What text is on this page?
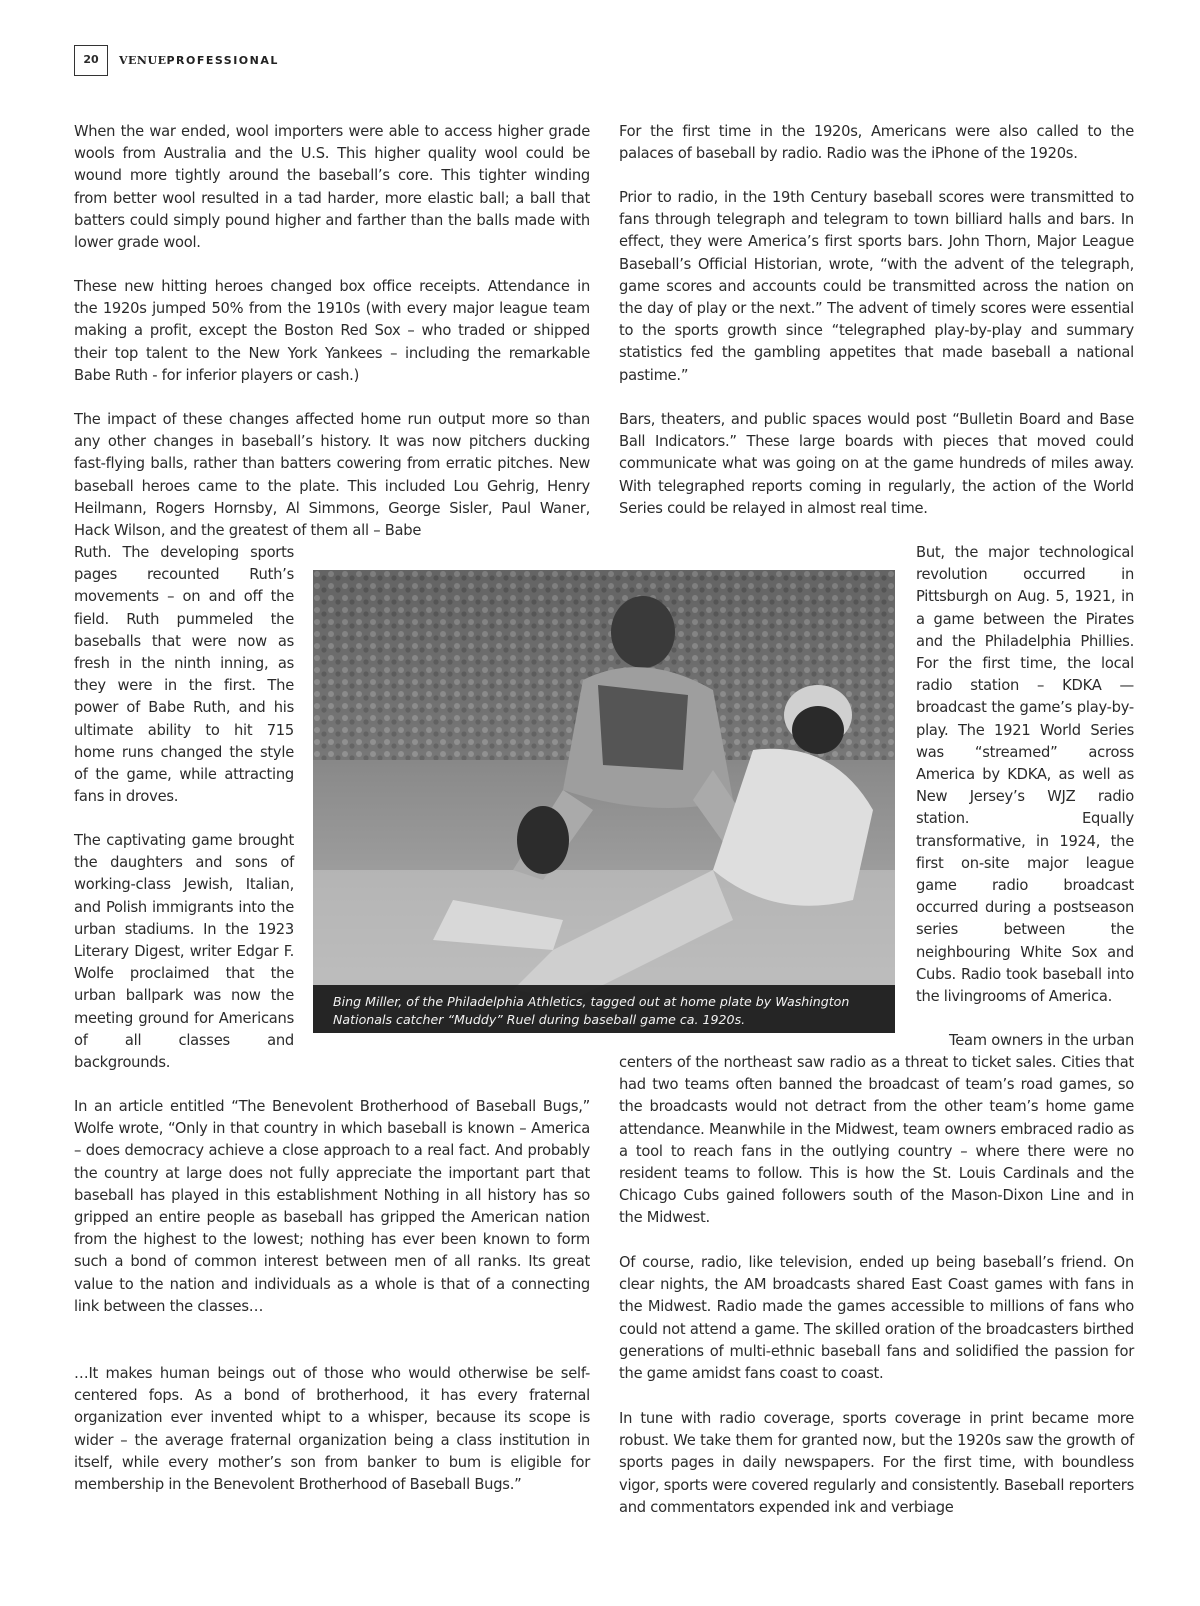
20	VENUEPROFESSIONAL

When the war ended, wool importers were able to access higher grade wools from Australia and the U.S. This higher quality wool could be wound more tightly around the baseball’s core. This tighter winding from better wool resulted in a tad harder, more elastic ball; a ball that batters could simply pound higher and farther than the balls made with lower grade wool.

These new hitting heroes changed box office receipts. Attendance in the 1920s jumped 50% from the 1910s (with every major league team making a profit, except the Boston Red Sox – who traded or shipped their top talent to the New York Yankees – including the remarkable Babe Ruth - for inferior players or cash.)

The impact of these changes affected home run output more so than any other changes in baseball’s history. It was now pitchers ducking fast-flying balls, rather than batters cowering from erratic pitches. New baseball heroes came to the plate. This included Lou Gehrig, Henry Heilmann, Rogers Hornsby, Al Simmons, George Sisler, Paul Waner, Hack Wilson, and the greatest of them all – Babe

Ruth. The developing sports pages recounted Ruth’s movements – on and off the field. Ruth pummeled the baseballs that were now as fresh in the ninth inning, as they were in the first. The power of Babe Ruth, and his ultimate ability to hit 715 home runs changed the style of the game, while attracting fans in droves.

The captivating game brought the daughters and sons of working-class Jewish, Italian, and Polish immigrants into the urban stadiums. In the 1923 Literary Digest, writer Edgar F. Wolfe proclaimed that the urban ballpark was now the meeting ground for Americans of all classes and backgrounds.

In an article entitled “The Benevolent Brotherhood of Baseball Bugs,” Wolfe wrote, “Only in that country in which baseball is known – America – does democracy achieve a close approach to a real fact. And probably the country at large does not fully appreciate the important part that baseball has played in this establishment Nothing in all history has so gripped an entire people as baseball has gripped the American nation from the highest to the lowest; nothing has ever been known to form such a bond of common interest between men of all ranks. Its great value to the nation and individuals as a whole is that of a connecting link between the classes…

…It makes human beings out of those who would otherwise be self-centered fops. As a bond of brotherhood, it has every fraternal organization ever invented whipt to a whisper, because its scope is wider – the average fraternal organization being a class institution in itself, while every mother’s son from banker to bum is eligible for membership in the Benevolent Brotherhood of Baseball Bugs.”

For the first time in the 1920s, Americans were also called to the palaces of baseball by radio. Radio was the iPhone of the 1920s.

Prior to radio, in the 19th Century baseball scores were transmitted to fans through telegraph and telegram to town billiard halls and bars. In effect, they were America’s first sports bars. John Thorn, Major League Baseball’s Official Historian, wrote, “with the advent of the telegraph, game scores and accounts could be transmitted across the nation on the day of play or the next.” The advent of timely scores were essential to the sports growth since “telegraphed play-by-play and summary statistics fed the gambling appetites that made baseball a national pastime.”

Bars, theaters, and public spaces would post “Bulletin Board and Base Ball Indicators.” These large boards with pieces that moved could communicate what was going on at the game hundreds of miles away. With telegraphed reports coming in regularly, the action of the World Series could be relayed in almost real time.

But, the major technological revolution occurred in Pittsburgh on Aug. 5, 1921, in a game between the Pirates and the Philadelphia Phillies. For the first time, the local radio station – KDKA — broadcast the game’s play-by-play. The 1921 World Series was “streamed” across America by KDKA, as well as New Jersey’s WJZ radio station. Equally transformative, in 1924, the first on-site major league game radio broadcast occurred during a postseason series between the neighbouring White Sox and Cubs. Radio took baseball into the livingrooms of America.

Team owners in the urban

centers of the northeast saw radio as a threat to ticket sales. Cities that had two teams often banned the broadcast of team’s road games, so the broadcasts would not detract from the other team’s home game attendance. Meanwhile in the Midwest, team owners embraced radio as a tool to reach fans in the outlying country – where there were no resident teams to follow. This is how the St. Louis Cardinals and the Chicago Cubs gained followers south of the Mason-Dixon Line and in the Midwest.

Of course, radio, like television, ended up being baseball’s friend. On clear nights, the AM broadcasts shared East Coast games with fans in the Midwest. Radio made the games accessible to millions of fans who could not attend a game. The skilled oration of the broadcasters birthed generations of multi-ethnic baseball fans and solidified the passion for the game amidst fans coast to coast.

In tune with radio coverage, sports coverage in print became more robust. We take them for granted now, but the 1920s saw the growth of sports pages in daily newspapers. For the first time, with boundless vigor, sports were covered regularly and consistently. Baseball reporters and commentators expended ink and verbiage

Bing Miller, of the Philadelphia Athletics, tagged out at home plate by Washington Nationals catcher “Muddy” Ruel during baseball game ca. 1920s.
